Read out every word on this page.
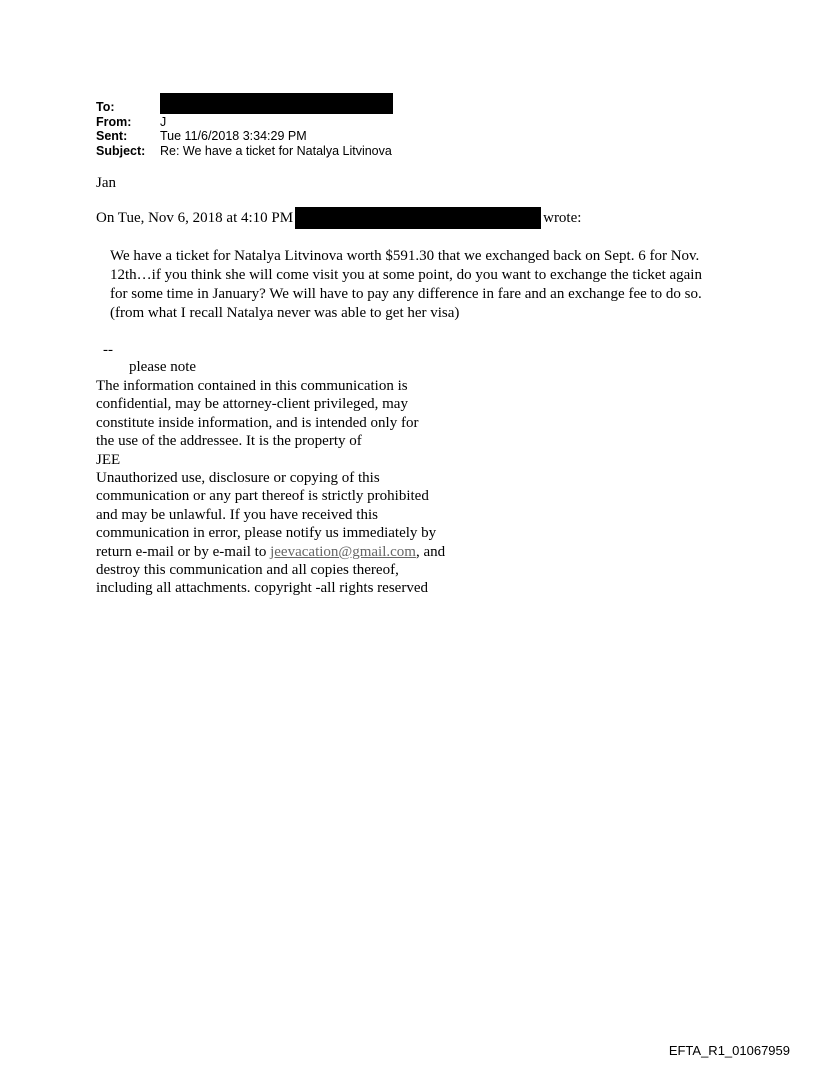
To:
From:	J
Sent:	Tue 11/6/2018 3:34:29 PM
Subject:	Re: We have a ticket for Natalya Litvinova
Jan
On Tue, Nov 6, 2018 at 4:10 PM	wrote:
We have a ticket for Natalya Litvinova worth $591.30 that we exchanged back on Sept. 6 for Nov. 12th…if you think she will come visit you at some point, do you want to exchange the ticket again for some time in January? We will have to pay any difference in fare and an exchange fee to do so. (from what I recall Natalya never was able to get her visa)
--
please note
The information contained in this communication is
confidential, may be attorney-client privileged, may
constitute inside information, and is intended only for
the use of the addressee. It is the property of
JEE
Unauthorized use, disclosure or copying of this
communication or any part thereof is strictly prohibited
and may be unlawful. If you have received this
communication in error, please notify us immediately by
return e-mail or by e-mail to jeevacation@gmail.com, and
destroy this communication and all copies thereof,
including all attachments. copyright -all rights reserved
EFTA_R1_01067959
